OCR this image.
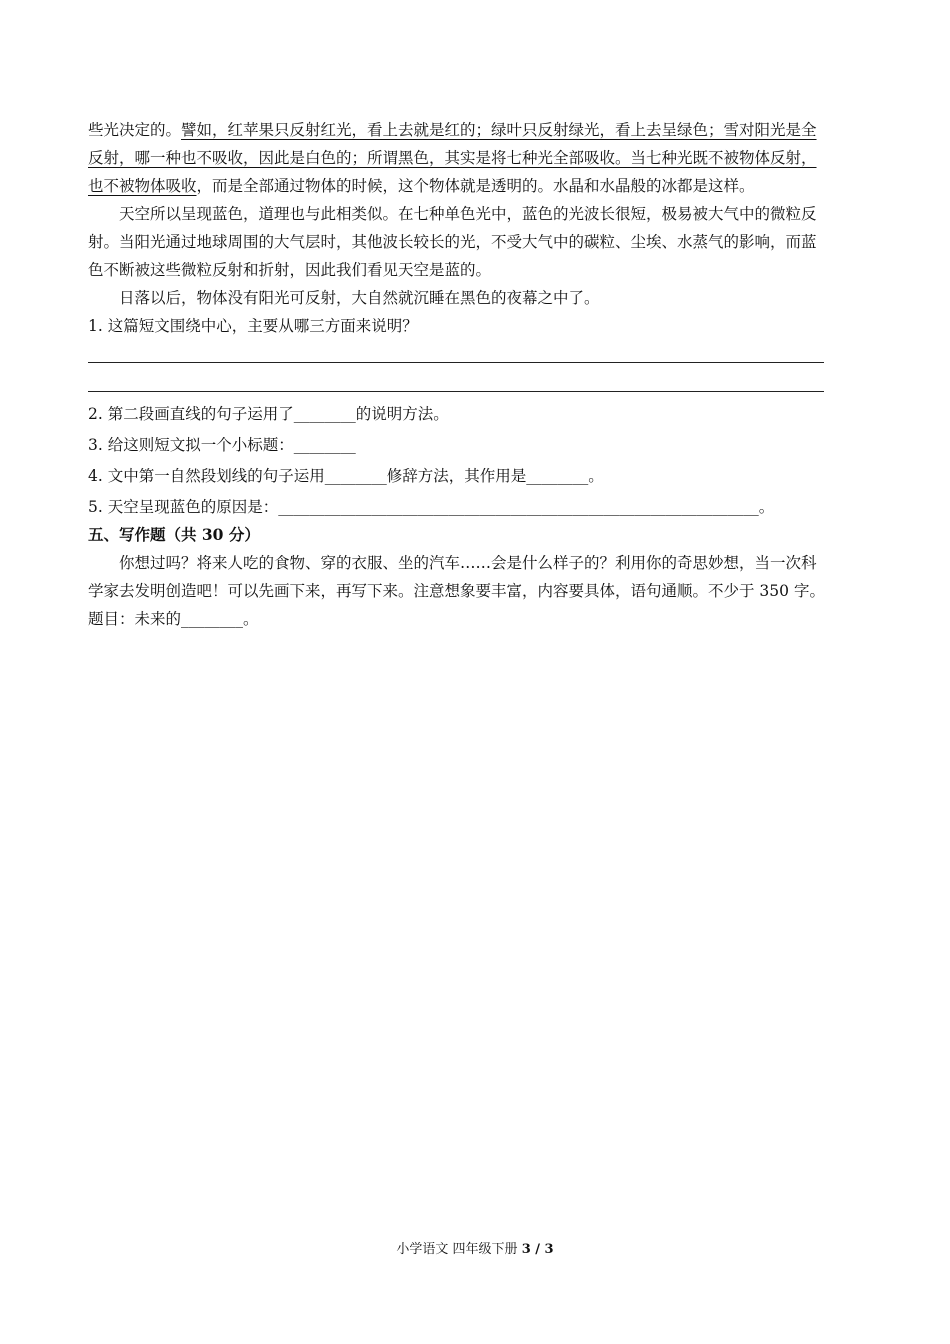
些光决定的。譬如，红苹果只反射红光，看上去就是红的；绿叶只反射绿光，看上去呈绿色；雪对阳光是全
反射，哪一种也不吸收，因此是白色的；所谓黑色，其实是将七种光全部吸收。当七种光既不被物体反射，
也不被物体吸收，而是全部通过物体的时候，这个物体就是透明的。水晶和水晶般的冰都是这样。
天空所以呈现蓝色，道理也与此相类似。在七种单色光中，蓝色的光波长很短，极易被大气中的微粒反
射。当阳光通过地球周围的大气层时，其他波长较长的光，不受大气中的碳粒、尘埃、水蒸气的影响，而蓝
色不断被这些微粒反射和折射，因此我们看见天空是蓝的。
日落以后，物体没有阳光可反射，大自然就沉睡在黑色的夜幕之中了。
1. 这篇短文围绕中心，主要从哪三方面来说明？
2. 第二段画直线的句子运用了________的说明方法。
3. 给这则短文拟一个小标题：________
4. 文中第一自然段划线的句子运用________修辞方法，其作用是________。
5. 天空呈现蓝色的原因是：______________________________________________________________。
五、写作题（共 30 分）
你想过吗？将来人吃的食物、穿的衣服、坐的汽车……会是什么样子的？利用你的奇思妙想，当一次科
学家去发明创造吧！可以先画下来，再写下来。注意想象要丰富，内容要具体，语句通顺。不少于 350 字。
题目：未来的________。
小学语文 四年级下册 3 / 3
